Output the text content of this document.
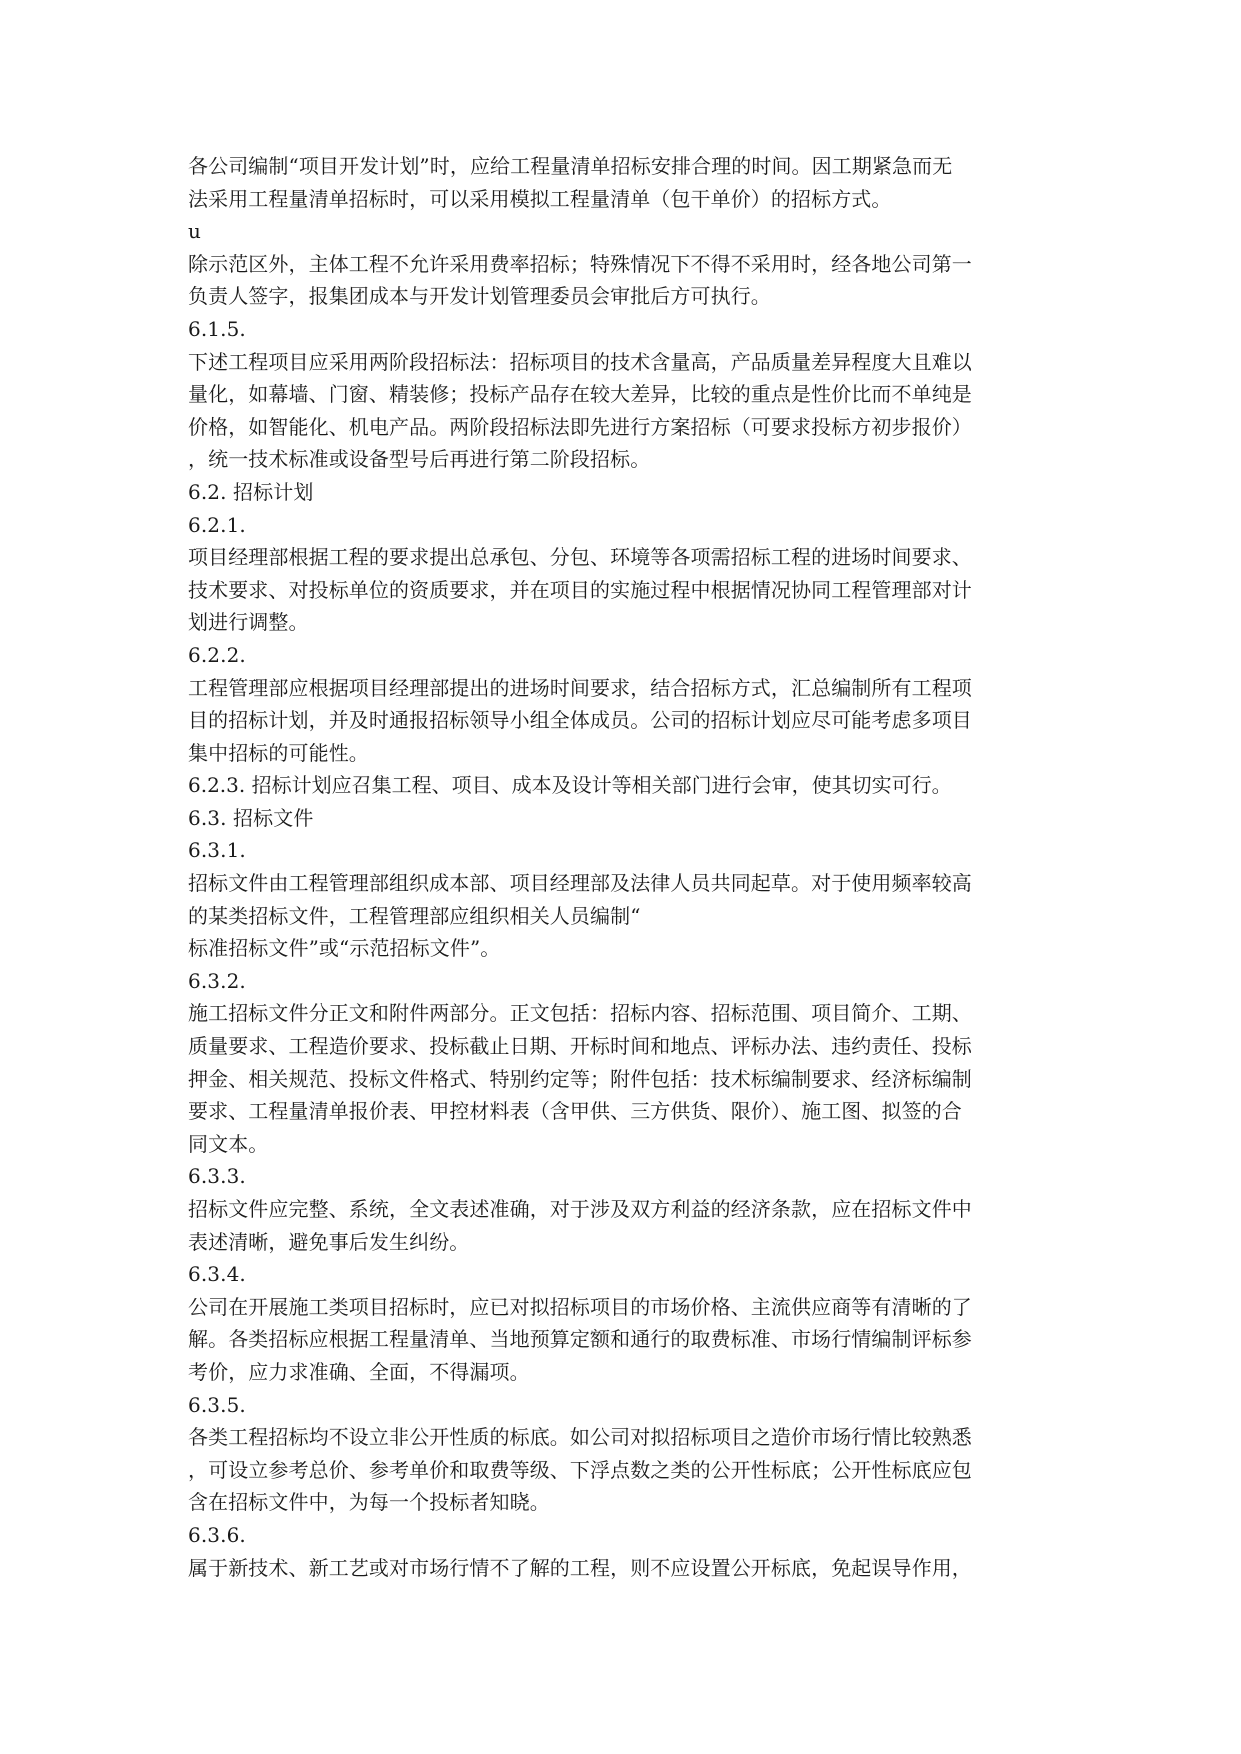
各公司编制“项目开发计划”时，应给工程量清单招标安排合理的时间。因工期紧急而无
法采用工程量清单招标时，可以采用模拟工程量清单（包干单价）的招标方式。
u
除示范区外，主体工程不允许采用费率招标；特殊情况下不得不采用时，经各地公司第一
负责人签字，报集团成本与开发计划管理委员会审批后方可执行。
6.1.5.
下述工程项目应采用两阶段招标法：招标项目的技术含量高，产品质量差异程度大且难以
量化，如幕墙、门窗、精装修；投标产品存在较大差异，比较的重点是性价比而不单纯是
价格，如智能化、机电产品。两阶段招标法即先进行方案招标（可要求投标方初步报价）
，统一技术标准或设备型号后再进行第二阶段招标。
6.2. 招标计划
6.2.1.
项目经理部根据工程的要求提出总承包、分包、环境等各项需招标工程的进场时间要求、
技术要求、对投标单位的资质要求，并在项目的实施过程中根据情况协同工程管理部对计
划进行调整。
6.2.2.
工程管理部应根据项目经理部提出的进场时间要求，结合招标方式，汇总编制所有工程项
目的招标计划，并及时通报招标领导小组全体成员。公司的招标计划应尽可能考虑多项目
集中招标的可能性。
6.2.3. 招标计划应召集工程、项目、成本及设计等相关部门进行会审，使其切实可行。
6.3. 招标文件
6.3.1.
招标文件由工程管理部组织成本部、项目经理部及法律人员共同起草。对于使用频率较高
的某类招标文件，工程管理部应组织相关人员编制“
标准招标文件”或“示范招标文件”。
6.3.2.
施工招标文件分正文和附件两部分。正文包括：招标内容、招标范围、项目简介、工期、
质量要求、工程造价要求、投标截止日期、开标时间和地点、评标办法、违约责任、投标
押金、相关规范、投标文件格式、特别约定等；附件包括：技术标编制要求、经济标编制
要求、工程量清单报价表、甲控材料表（含甲供、三方供货、限价）、施工图、拟签的合
同文本。
6.3.3.
招标文件应完整、系统，全文表述准确，对于涉及双方利益的经济条款，应在招标文件中
表述清晰，避免事后发生纠纷。
6.3.4.
公司在开展施工类项目招标时，应已对拟招标项目的市场价格、主流供应商等有清晰的了
解。各类招标应根据工程量清单、当地预算定额和通行的取费标准、市场行情编制评标参
考价，应力求准确、全面，不得漏项。
6.3.5.
各类工程招标均不设立非公开性质的标底。如公司对拟招标项目之造价市场行情比较熟悉
，可设立参考总价、参考单价和取费等级、下浮点数之类的公开性标底；公开性标底应包
含在招标文件中，为每一个投标者知晓。
6.3.6.
属于新技术、新工艺或对市场行情不了解的工程，则不应设置公开标底，免起误导作用，
